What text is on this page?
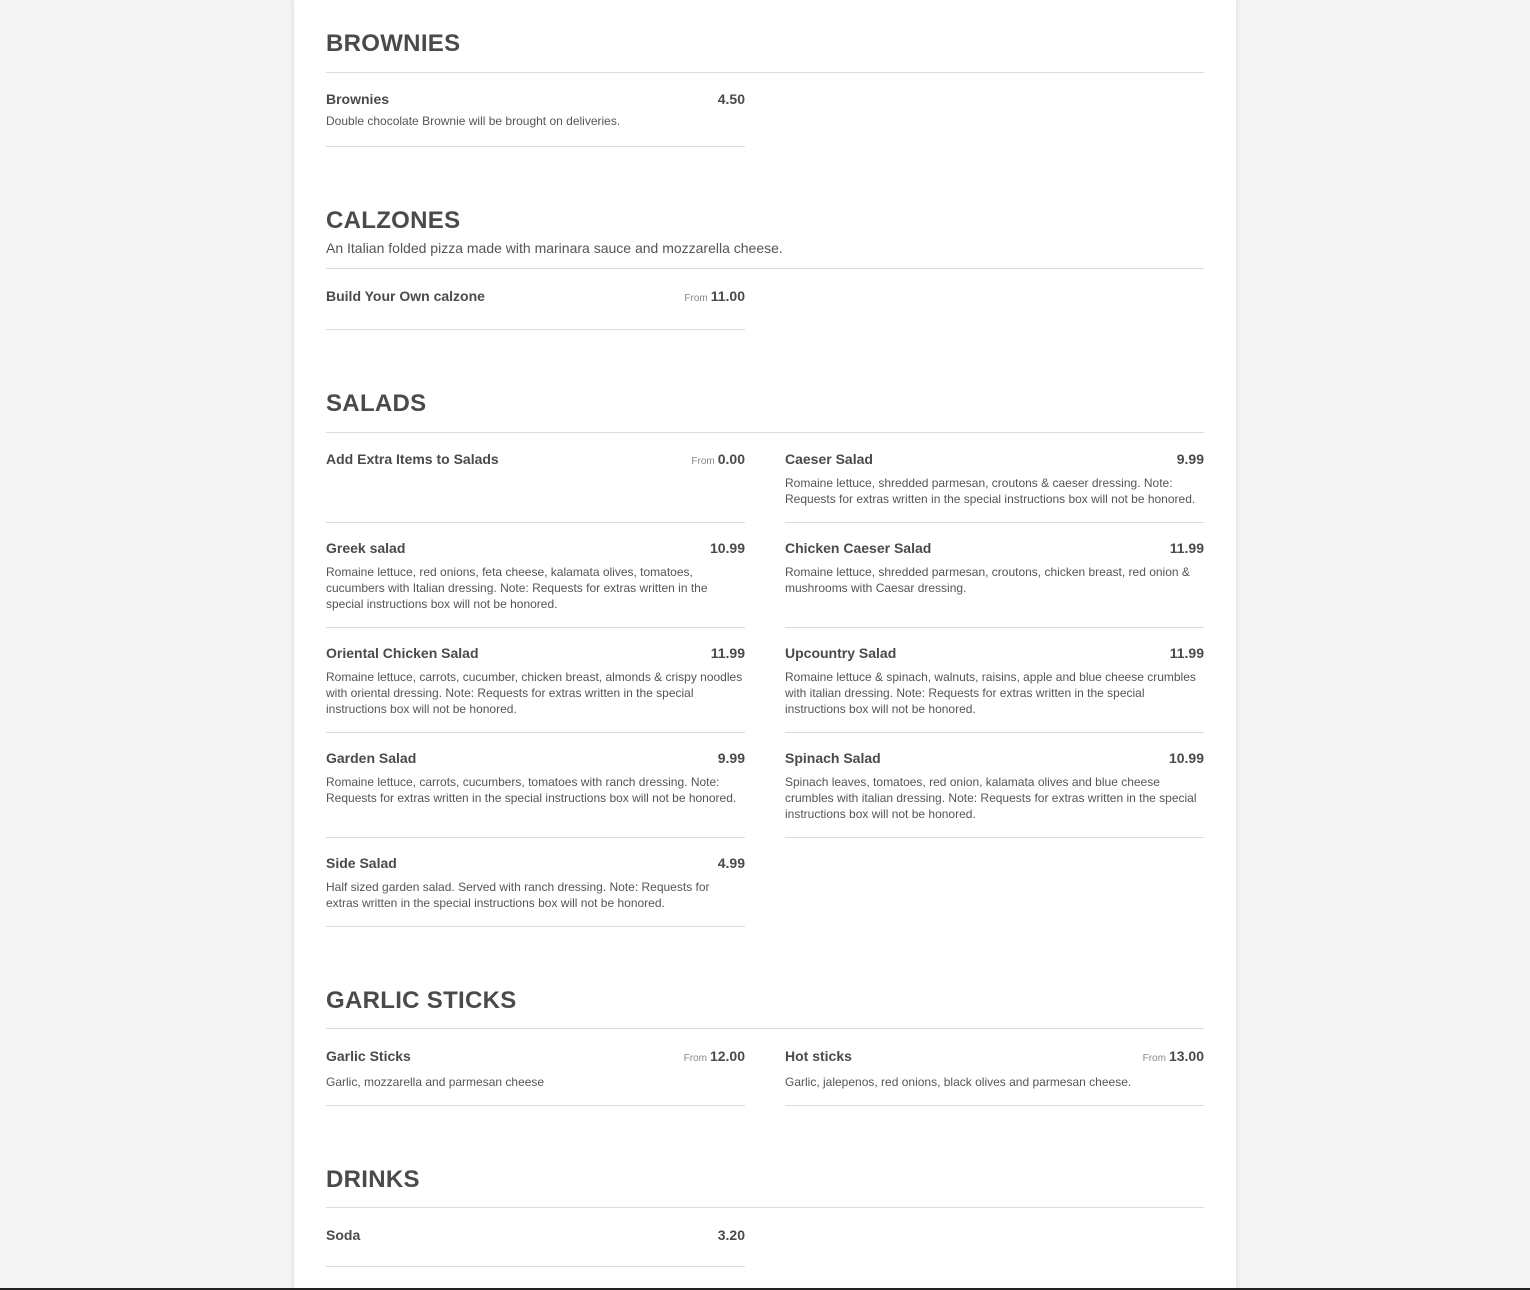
BROWNIES
Brownies	4.50
Double chocolate Brownie will be brought on deliveries.
CALZONES

An Italian folded pizza made with marinara sauce and mozzarella cheese.

Build Your Own calzone	From 11.00
SALADS
Add Extra Items to Salads	From 0.00	Caeser Salad	9.99
Romaine lettuce, shredded parmesan, croutons & caeser dressing. Note: Requests for extras written in the special instructions box will not be honored.
Greek salad	10.99
Romaine lettuce, red onions, feta cheese, kalamata olives, tomatoes, cucumbers with Italian dressing. Note: Requests for extras written in the special instructions box will not be honored.
Chicken Caeser Salad	11.99
Romaine lettuce, shredded parmesan, croutons, chicken breast, red onion & mushrooms with Caesar dressing.
Oriental Chicken Salad	11.99
Romaine lettuce, carrots, cucumber, chicken breast, almonds & crispy noodles with oriental dressing. Note: Requests for extras written in the special instructions box will not be honored.
Upcountry Salad	11.99
Romaine lettuce & spinach, walnuts, raisins, apple and blue cheese crumbles with italian dressing. Note: Requests for extras written in the special instructions box will not be honored.
Garden Salad	9.99
Romaine lettuce, carrots, cucumbers, tomatoes with ranch dressing. Note: Requests for extras written in the special instructions box will not be honored.
Spinach Salad	10.99
Spinach leaves, tomatoes, red onion, kalamata olives and blue cheese crumbles with italian dressing. Note: Requests for extras written in the special instructions box will not be honored.
Side Salad	4.99
Half sized garden salad. Served with ranch dressing. Note: Requests for extras written in the special instructions box will not be honored.
GARLIC STICKS
Garlic Sticks	From 12.00
Garlic, mozzarella and parmesan cheese
Hot sticks	From 13.00
Garlic, jalepenos, red onions, black olives and parmesan cheese.
DRINKS
Soda	3.20
